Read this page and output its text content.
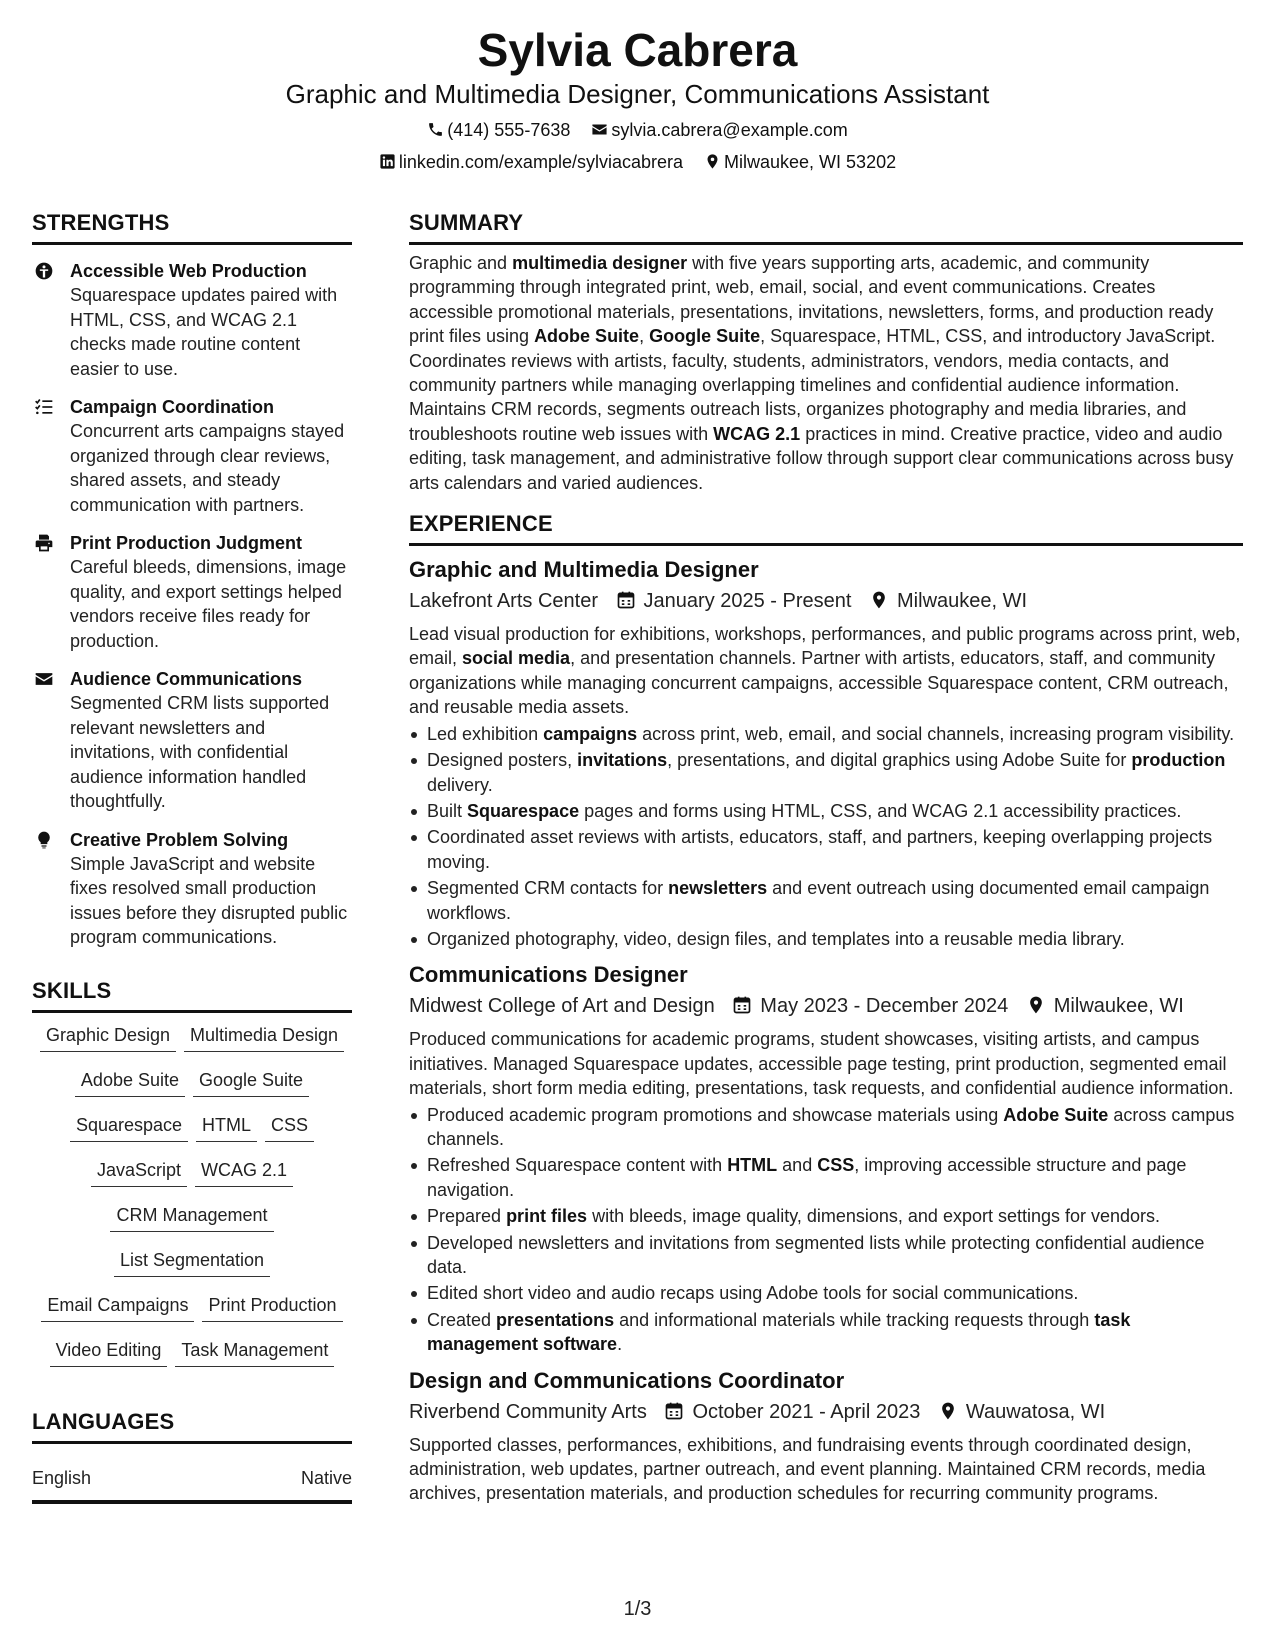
Sylvia Cabrera
Graphic and Multimedia Designer, Communications Assistant
(414) 555-7638 sylvia.cabrera@example.com
linkedin.com/example/sylviacabrera Milwaukee, WI 53202
STRENGTHS
Accessible Web Production
Squarespace updates paired with HTML, CSS, and WCAG 2.1 checks made routine content easier to use.
Campaign Coordination
Concurrent arts campaigns stayed organized through clear reviews, shared assets, and steady communication with partners.
Print Production Judgment
Careful bleeds, dimensions, image quality, and export settings helped vendors receive files ready for production.
Audience Communications
Segmented CRM lists supported relevant newsletters and invitations, with confidential audience information handled thoughtfully.
Creative Problem Solving
Simple JavaScript and website fixes resolved small production issues before they disrupted public program communications.
SKILLS
Graphic Design Multimedia Design
Adobe Suite Google Suite
Squarespace HTML CSS
JavaScript WCAG 2.1
CRM Management
List Segmentation
Email Campaigns Print Production
Video Editing Task Management
LANGUAGES
English	Native
SUMMARY
Graphic and multimedia designer with five years supporting arts, academic, and community programming through integrated print, web, email, social, and event communications. Creates accessible promotional materials, presentations, invitations, newsletters, forms, and production ready print files using Adobe Suite, Google Suite, Squarespace, HTML, CSS, and introductory JavaScript. Coordinates reviews with artists, faculty, students, administrators, vendors, media contacts, and community partners while managing overlapping timelines and confidential audience information. Maintains CRM records, segments outreach lists, organizes photography and media libraries, and troubleshoots routine web issues with WCAG 2.1 practices in mind. Creative practice, video and audio editing, task management, and administrative follow through support clear communications across busy arts calendars and varied audiences.
EXPERIENCE
Graphic and Multimedia Designer
Lakefront Arts Center January 2025 - Present Milwaukee, WI
Lead visual production for exhibitions, workshops, performances, and public programs across print, web, email, social media, and presentation channels. Partner with artists, educators, staff, and community organizations while managing concurrent campaigns, accessible Squarespace content, CRM outreach, and reusable media assets.
Led exhibition campaigns across print, web, email, and social channels, increasing program visibility.
Designed posters, invitations, presentations, and digital graphics using Adobe Suite for production delivery.
Built Squarespace pages and forms using HTML, CSS, and WCAG 2.1 accessibility practices.
Coordinated asset reviews with artists, educators, staff, and partners, keeping overlapping projects moving.
Segmented CRM contacts for newsletters and event outreach using documented email campaign workflows.
Organized photography, video, design files, and templates into a reusable media library.
Communications Designer
Midwest College of Art and Design May 2023 - December 2024 Milwaukee, WI
Produced communications for academic programs, student showcases, visiting artists, and campus initiatives. Managed Squarespace updates, accessible page testing, print production, segmented email materials, short form media editing, presentations, task requests, and confidential audience information.
Produced academic program promotions and showcase materials using Adobe Suite across campus channels.
Refreshed Squarespace content with HTML and CSS, improving accessible structure and page navigation.
Prepared print files with bleeds, image quality, dimensions, and export settings for vendors.
Developed newsletters and invitations from segmented lists while protecting confidential audience data.
Edited short video and audio recaps using Adobe tools for social communications.
Created presentations and informational materials while tracking requests through task management software.
Design and Communications Coordinator
Riverbend Community Arts October 2021 - April 2023 Wauwatosa, WI
Supported classes, performances, exhibitions, and fundraising events through coordinated design, administration, web updates, partner outreach, and event planning. Maintained CRM records, media archives, presentation materials, and production schedules for recurring community programs.
1/3
